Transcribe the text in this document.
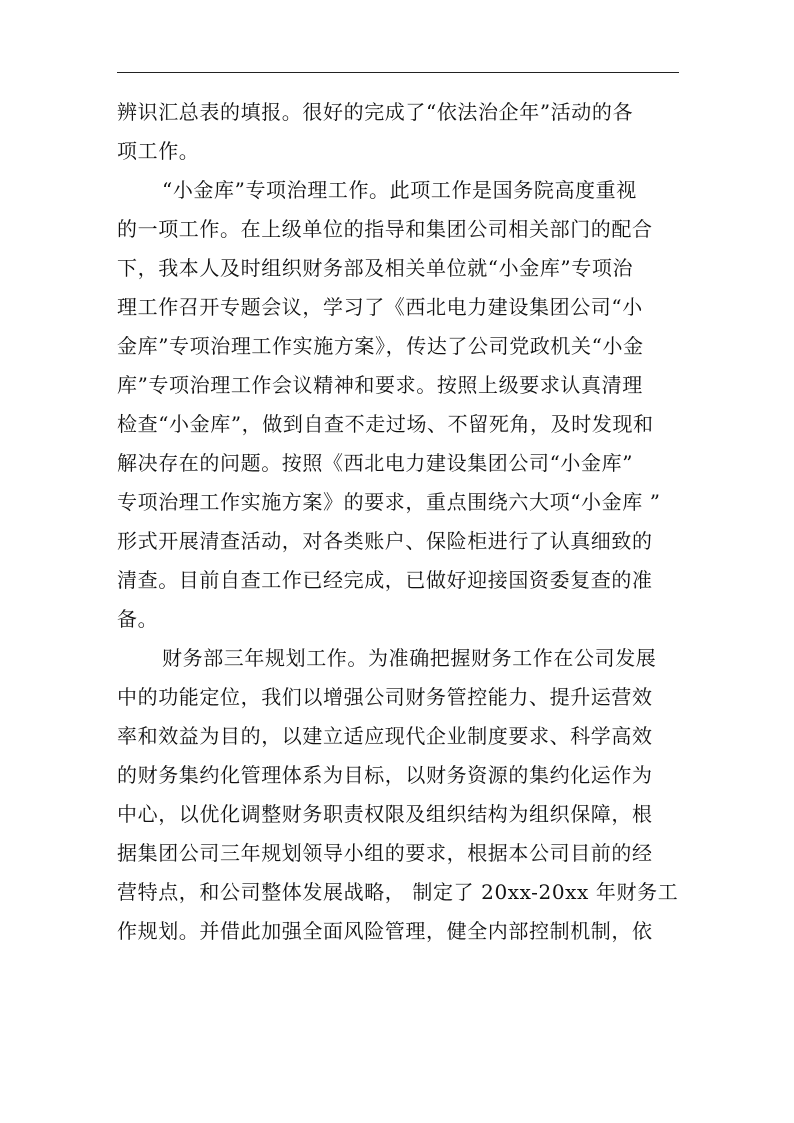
辨识汇总表的填报。很好的完成了“依法治企年”活动的各
项工作。
“小金库”专项治理工作。此项工作是国务院高度重视
的一项工作。在上级单位的指导和集团公司相关部门的配合
下，我本人及时组织财务部及相关单位就“小金库”专项治
理工作召开专题会议，学习了《西北电力建设集团公司“小
金库”专项治理工作实施方案》，传达了公司党政机关“小金
库”专项治理工作会议精神和要求。按照上级要求认真清理
检查“小金库”，做到自查不走过场、不留死角，及时发现和
解决存在的问题。按照《西北电力建设集团公司“小金库”
专项治理工作实施方案》的要求，重点围绕六大项“小金库 ”
形式开展清查活动，对各类账户、保险柜进行了认真细致的
清查。目前自查工作已经完成，已做好迎接国资委复查的准
备。
财务部三年规划工作。为准确把握财务工作在公司发展
中的功能定位，我们以增强公司财务管控能力、提升运营效
率和效益为目的，以建立适应现代企业制度要求、科学高效
的财务集约化管理体系为目标，以财务资源的集约化运作为
中心，以优化调整财务职责权限及组织结构为组织保障，根
据集团公司三年规划领导小组的要求，根据本公司目前的经
营特点，和公司整体发展战略， 制定了 20xx-20xx 年财务工
作规划。并借此加强全面风险管理，健全内部控制机制，依
